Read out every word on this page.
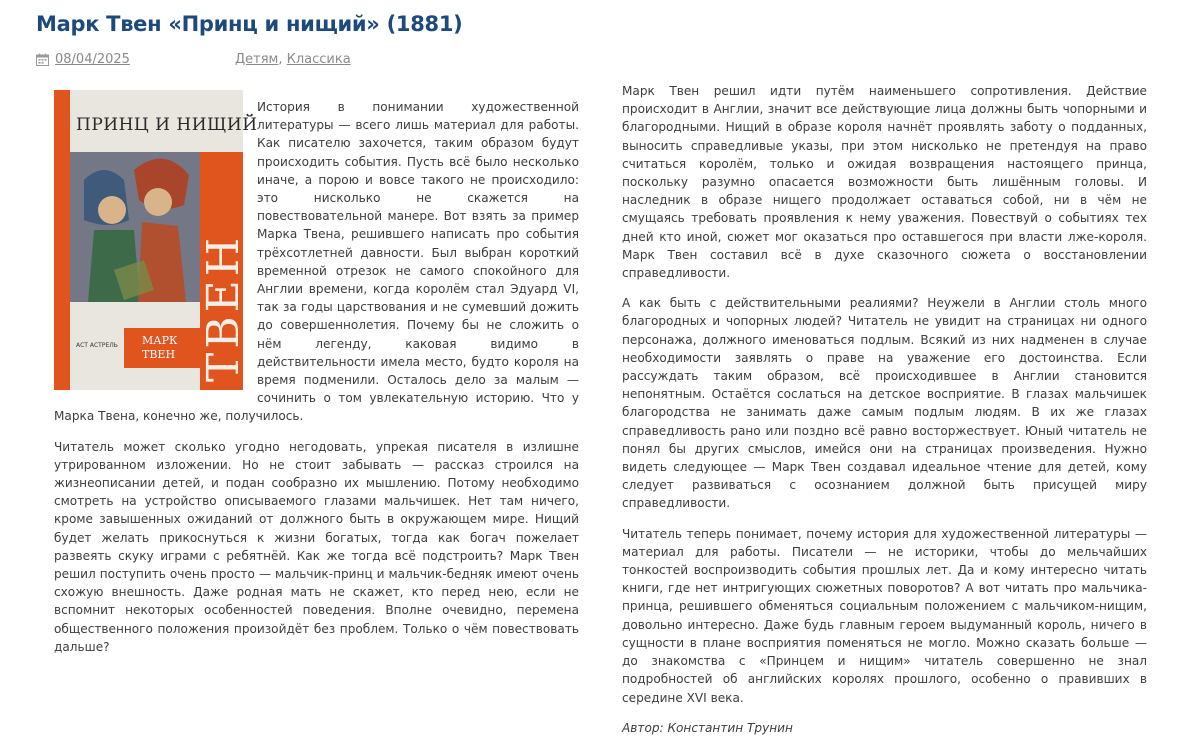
Марк Твен «Принц и нищий» (1881)
08/04/2025	Детям, Классика
ТВЕН
ПРИНЦ И НИЩИЙ
АСТ АСТРЕЛЬ МАРК
ТВЕН

История в понимании художественной литературы — всего лишь материал для работы. Как писателю захочется, таким образом будут происходить события. Пусть всё было несколько иначе, а порою и вовсе такого не происходило: это нисколько не скажется на повествовательной манере. Вот взять за пример Марка Твена, решившего написать про события трёхсотлетней давности. Был выбран короткий временной отрезок не самого спокойного для Англии времени, когда королём стал Эдуард VI, так за годы царствования и не сумевший дожить до совершеннолетия. Почему бы не сложить о нём легенду, каковая видимо в действительности имела место, будто короля на время подменили. Осталось дело за малым — сочинить о том увлекательную историю. Что у Марка Твена, конечно же, получилось.

Читатель может сколько угодно негодовать, упрекая писателя в излишне утрированном изложении. Но не стоит забывать — рассказ строился на жизнеописании детей, и подан сообразно их мышлению. Потому необходимо смотреть на устройство описываемого глазами мальчишек. Нет там ничего, кроме завышенных ожиданий от должного быть в окружающем мире. Нищий будет желать прикоснуться к жизни богатых, тогда как богач пожелает развеять скуку играми с ребятнёй. Как же тогда всё подстроить? Марк Твен решил поступить очень просто — мальчик-принц и мальчик-бедняк имеют очень схожую внешность. Даже родная мать не скажет, кто перед нею, если не вспомнит некоторых особенностей поведения. Вполне очевидно, перемена общественного положения произойдёт без проблем. Только о чём повествовать дальше?

Марк Твен решил идти путём наименьшего сопротивления. Действие происходит в Англии, значит все действующие лица должны быть чопорными и благородными. Нищий в образе короля начнёт проявлять заботу о подданных, выносить справедливые указы, при этом нисколько не претендуя на право считаться королём, только и ожидая возвращения настоящего принца, поскольку разумно опасается возможности быть лишённым головы. И наследник в образе нищего продолжает оставаться собой, ни в чём не смущаясь требовать проявления к нему уважения. Повествуй о событиях тех дней кто иной, сюжет мог оказаться про оставшегося при власти лже-короля. Марк Твен составил всё в духе сказочного сюжета о восстановлении справедливости.

А как быть с действительными реалиями? Неужели в Англии столь много благородных и чопорных людей? Читатель не увидит на страницах ни одного персонажа, должного именоваться подлым. Всякий из них надменен в случае необходимости заявлять о праве на уважение его достоинства. Если рассуждать таким образом, всё происходившее в Англии становится непонятным. Остаётся сослаться на детское восприятие. В глазах мальчишек благородства не занимать даже самым подлым людям. В их же глазах справедливость рано или поздно всё равно восторжествует. Юный читатель не понял бы других смыслов, имейся они на страницах произведения. Нужно видеть следующее — Марк Твен создавал идеальное чтение для детей, кому следует развиваться с осознанием должной быть присущей миру справедливости.

Читатель теперь понимает, почему история для художественной литературы — материал для работы. Писатели — не историки, чтобы до мельчайших тонкостей воспроизводить события прошлых лет. Да и кому интересно читать книги, где нет интригующих сюжетных поворотов? А вот читать про мальчика-принца, решившего обменяться социальным положением с мальчиком-нищим, довольно интересно. Даже будь главным героем выдуманный король, ничего в сущности в плане восприятия поменяться не могло. Можно сказать больше — до знакомства с «Принцем и нищим» читатель совершенно не знал подробностей об английских королях прошлого, особенно о правивших в середине XVI века.

Автор: Константин Трунин
